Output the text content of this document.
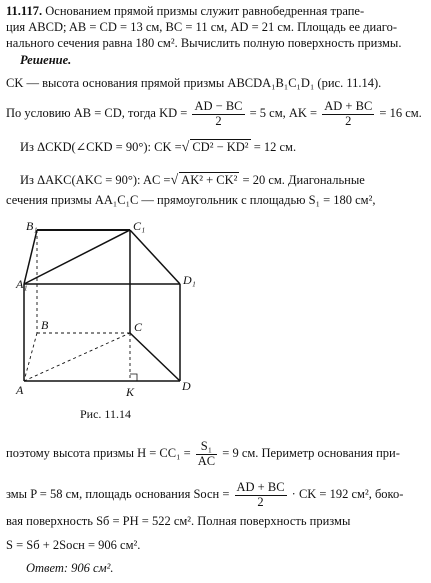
11.117. Основанием прямой призмы служит равнобедренная трапе-
ция ABCD; AB = CD = 13 см, BC = 11 см, AD = 21 см. Площадь ее диаго-
нального сечения равна 180 см². Вычислить полную поверхность призмы.
Решение.
CK — высота основания прямой призмы ABCDA₁B₁C₁D₁ (рис. 11.14).
По условию AB = CD, тогда KD = $\frac{AD - BC}{2} = 5$ см, AK = $\frac{AD + BC}{2} = 16$ см.
Из ΔCKD(∠CKD = 90°): CK =√ CD² − KD² = 12 см.
Из ΔAKC(AKC = 90°): AC =√ AK² + CK² = 20 см. Диагональные
сечения призмы AA₁C₁C — прямоугольник с площадью S₁ = 180 см²,
B₁	C₁
A₁	D₁
B	C
A	K	D
Рис. 11.14
поэтому высота призмы $H = CC_1 = \frac{\text{S₁}}{AC} = 9$ см. Периметр основания при-
змы P = 58 см, площадь основания Sосн = $\frac{AD + BC}{2}$ · CK = 192 см², боко-
вая поверхность Sб = PH = 522 см². Полная поверхность призмы
S = Sб + 2Sосн = 906 см².
Ответ: 906 см².
